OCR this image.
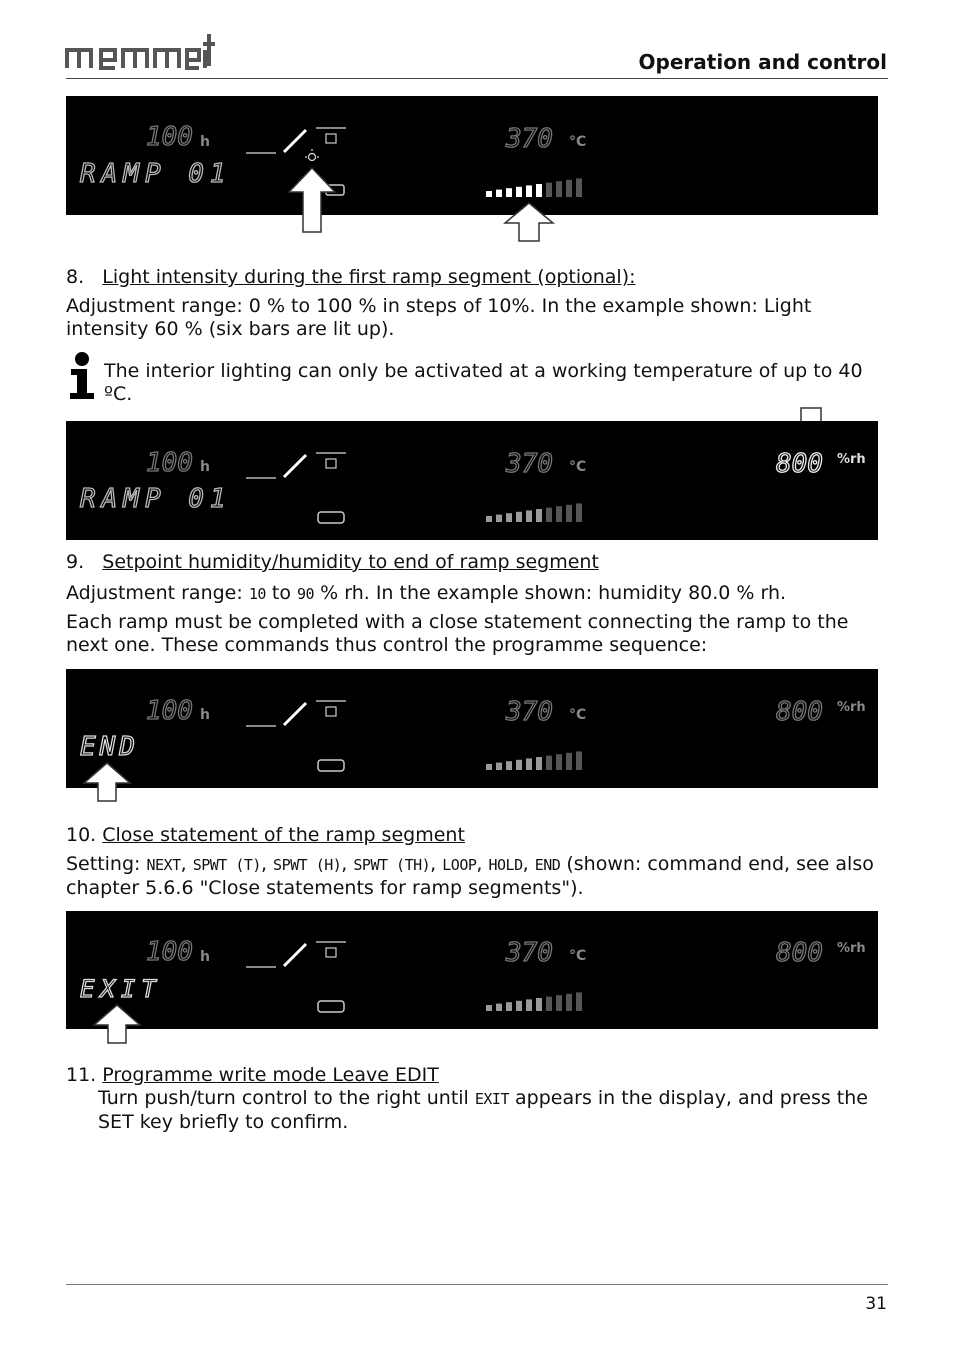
Operation and control
100 h
RAMP 01
370 °C
8. Light intensity during the first ramp segment (optional):
Adjustment range: 0 % to 100 % in steps of 10%. In the example shown: Light intensity 60 % (six bars are lit up).
The interior lighting can only be activated at a working temperature of up to 40 ºC.
100 h
RAMP 01
370 °C	800 %rh
9. Setpoint humidity/humidity to end of ramp segment
Adjustment range: 10 to 90 % rh. In the example shown: humidity 80.0 % rh.
Each ramp must be completed with a close statement connecting the ramp to the next one. These commands thus control the programme sequence:
100 h
END
370 °C	800 %rh
10. Close statement of the ramp segment
Setting: NEXT, SPWT (T), SPWT (H), SPWT (TH), LOOP, HOLD, END (shown: command end, see also chapter 5.6.6 "Close statements for ramp segments").
100 h
EXIT
370 °C	800 %rh
11. Programme write mode Leave EDIT
Turn push/turn control to the right until EXIT appears in the display, and press the SET key briefly to confirm.
31
